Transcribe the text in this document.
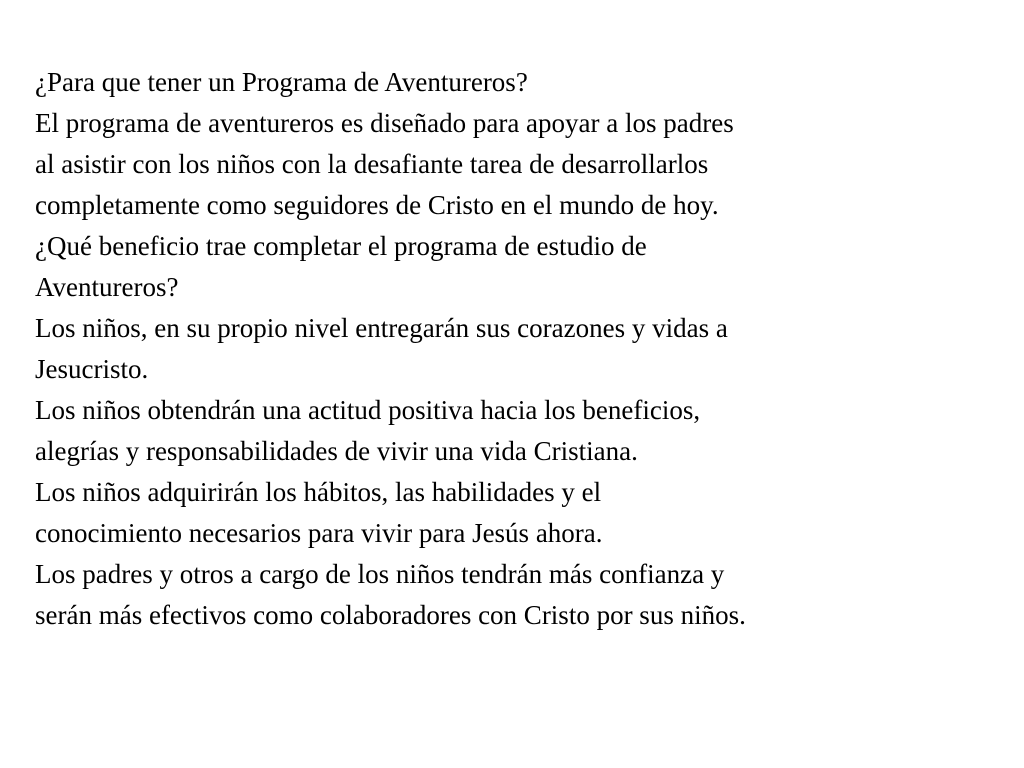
¿Para que tener un Programa de Aventureros?
El programa de aventureros es diseñado para apoyar a los padres
al asistir con los niños con la desafiante tarea de desarrollarlos
completamente como seguidores de Cristo en el mundo de hoy.
¿Qué beneficio trae completar el programa de estudio de
Aventureros?
Los niños, en su propio nivel entregarán sus corazones y vidas a
Jesucristo.
Los niños obtendrán una actitud positiva hacia los beneficios,
alegrías y responsabilidades de vivir una vida Cristiana.
Los niños adquirirán los hábitos, las habilidades y el
conocimiento necesarios para vivir para Jesús ahora.
Los padres y otros a cargo de los niños tendrán más confianza y
serán más efectivos como colaboradores con Cristo por sus niños.
